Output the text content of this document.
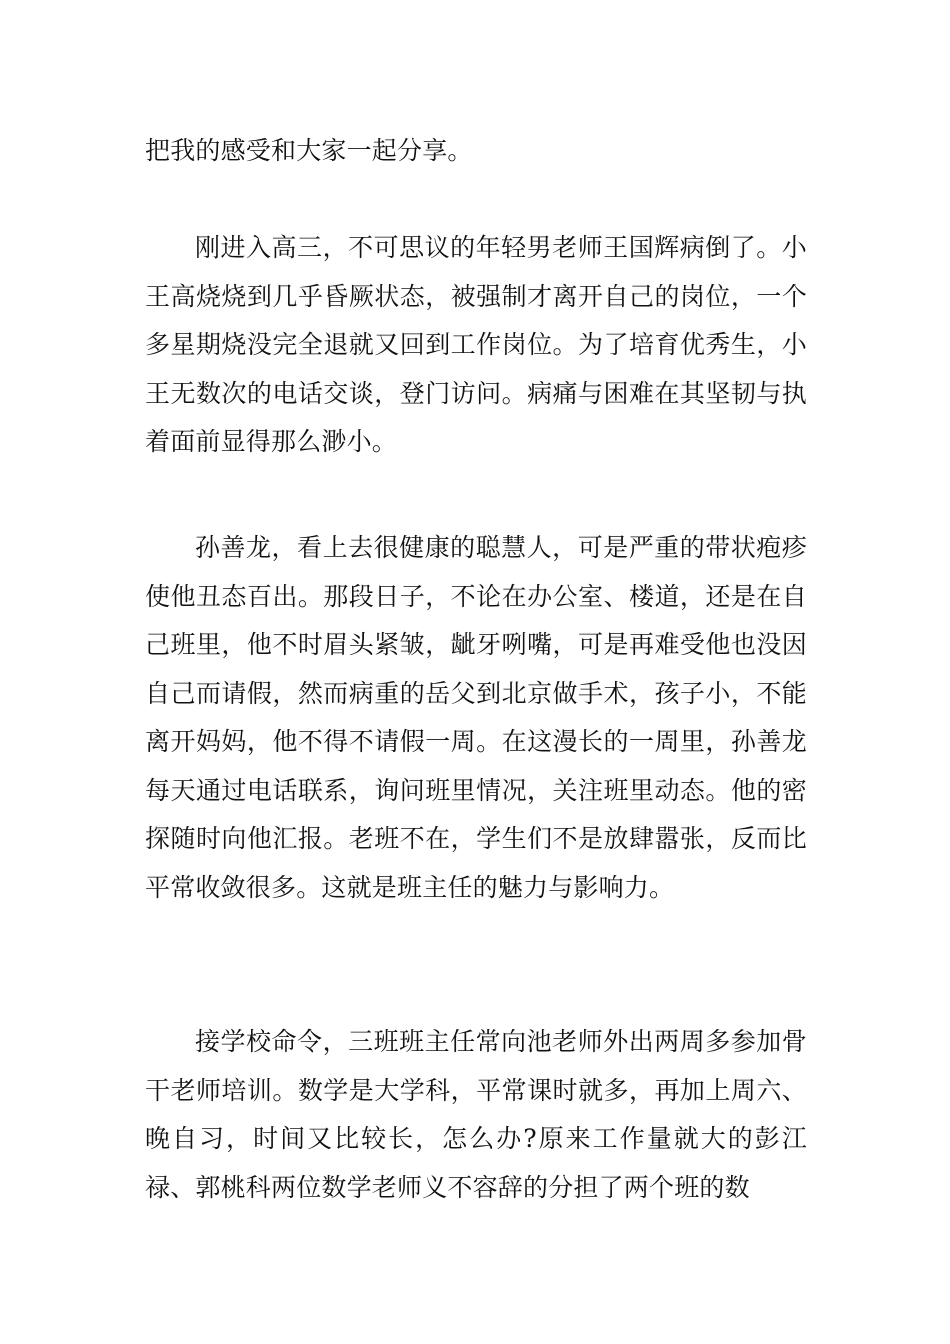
把我的感受和大家一起分享。

刚进入高三，不可思议的年轻男老师王国辉病倒了。小王高烧烧到几乎昏厥状态，被强制才离开自己的岗位，一个多星期烧没完全退就又回到工作岗位。为了培育优秀生，小王无数次的电话交谈，登门访问。病痛与困难在其坚韧与执着面前显得那么渺小。

孙善龙，看上去很健康的聪慧人，可是严重的带状疱疹使他丑态百出。那段日子，不论在办公室、楼道，还是在自己班里，他不时眉头紧皱，龇牙咧嘴，可是再难受他也没因自己而请假，然而病重的岳父到北京做手术，孩子小，不能离开妈妈，他不得不请假一周。在这漫长的一周里，孙善龙每天通过电话联系，询问班里情况，关注班里动态。他的密探随时向他汇报。老班不在，学生们不是放肆嚣张，反而比平常收敛很多。这就是班主任的魅力与影响力。

接学校命令，三班班主任常向池老师外出两周多参加骨干老师培训。数学是大学科，平常课时就多，再加上周六、晚自习，时间又比较长，怎么办?原来工作量就大的彭江禄、郭桃科两位数学老师义不容辞的分担了两个班的数
